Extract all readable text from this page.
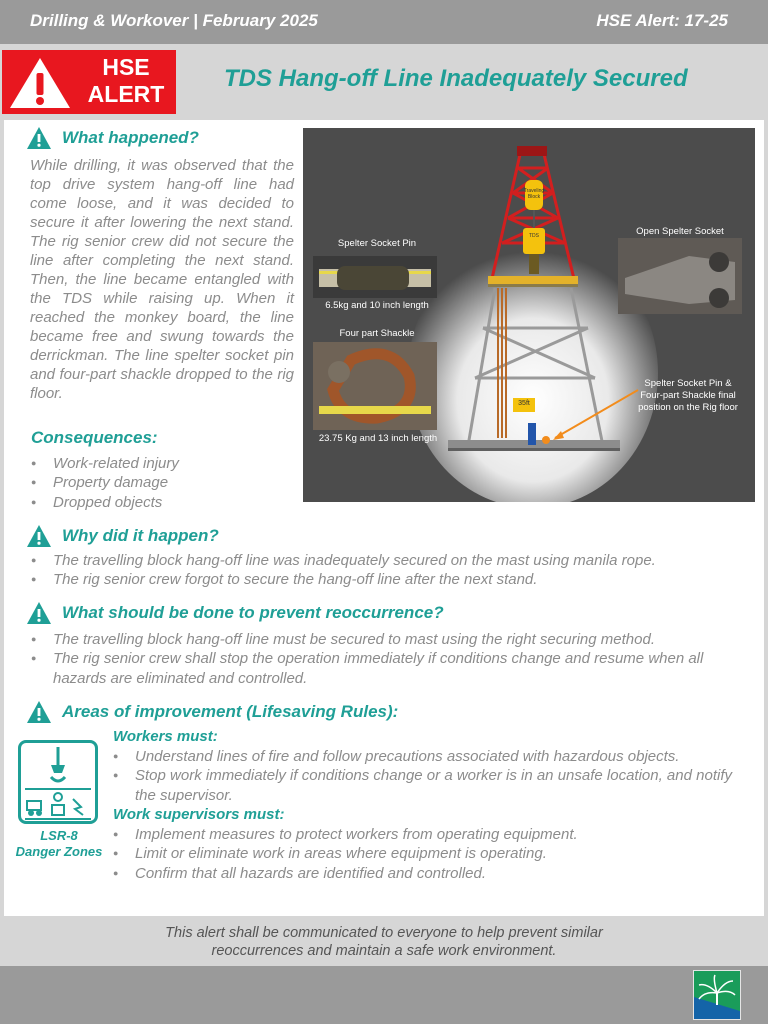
Drilling & Workover | February 2025	HSE Alert: 17-25
HSE
ALERT
TDS Hang-off Line Inadequately Secured
What happened?

While drilling, it was observed that the top drive system hang-off line had come loose, and it was decided to secure it after lowering the next stand. The rig senior crew did not secure the line after completing the next stand. Then, the line became entangled with the TDS while raising up. When it reached the monkey board, the line became free and swung towards the derrickman. The line spelter socket pin and four-part shackle dropped to the rig floor.

Consequences:
● Work-related injury
● Property damage
● Dropped objects
Spelter Socket Pin
6.5kg and 10 inch length
Four part Shackle
23.75 Kg and 13 inch length
Open Spelter Socket
Spelter Socket Pin & Four-part Shackle final position on the Rig floor
35ft
Traveling Block
TDS
Why did it happen?
● The travelling block hang-off line was inadequately secured on the mast using manila rope.
● The rig senior crew forgot to secure the hang-off line after the next stand.
What should be done to prevent reoccurrence?
● The travelling block hang-off line must be secured to mast using the right securing method.
● The rig senior crew shall stop the operation immediately if conditions change and resume when all hazards are eliminated and controlled.
Areas of improvement (Lifesaving Rules):
LSR-8
Danger Zones
Workers must:
● Understand lines of fire and follow precautions associated with hazardous objects.
● Stop work immediately if conditions change or a worker is in an unsafe location, and notify the supervisor.
Work supervisors must:
● Implement measures to protect workers from operating equipment.
● Limit or eliminate work in areas where equipment is operating.
● Confirm that all hazards are identified and controlled.

This alert shall be communicated to everyone to help prevent similar
reoccurrences and maintain a safe work environment.
